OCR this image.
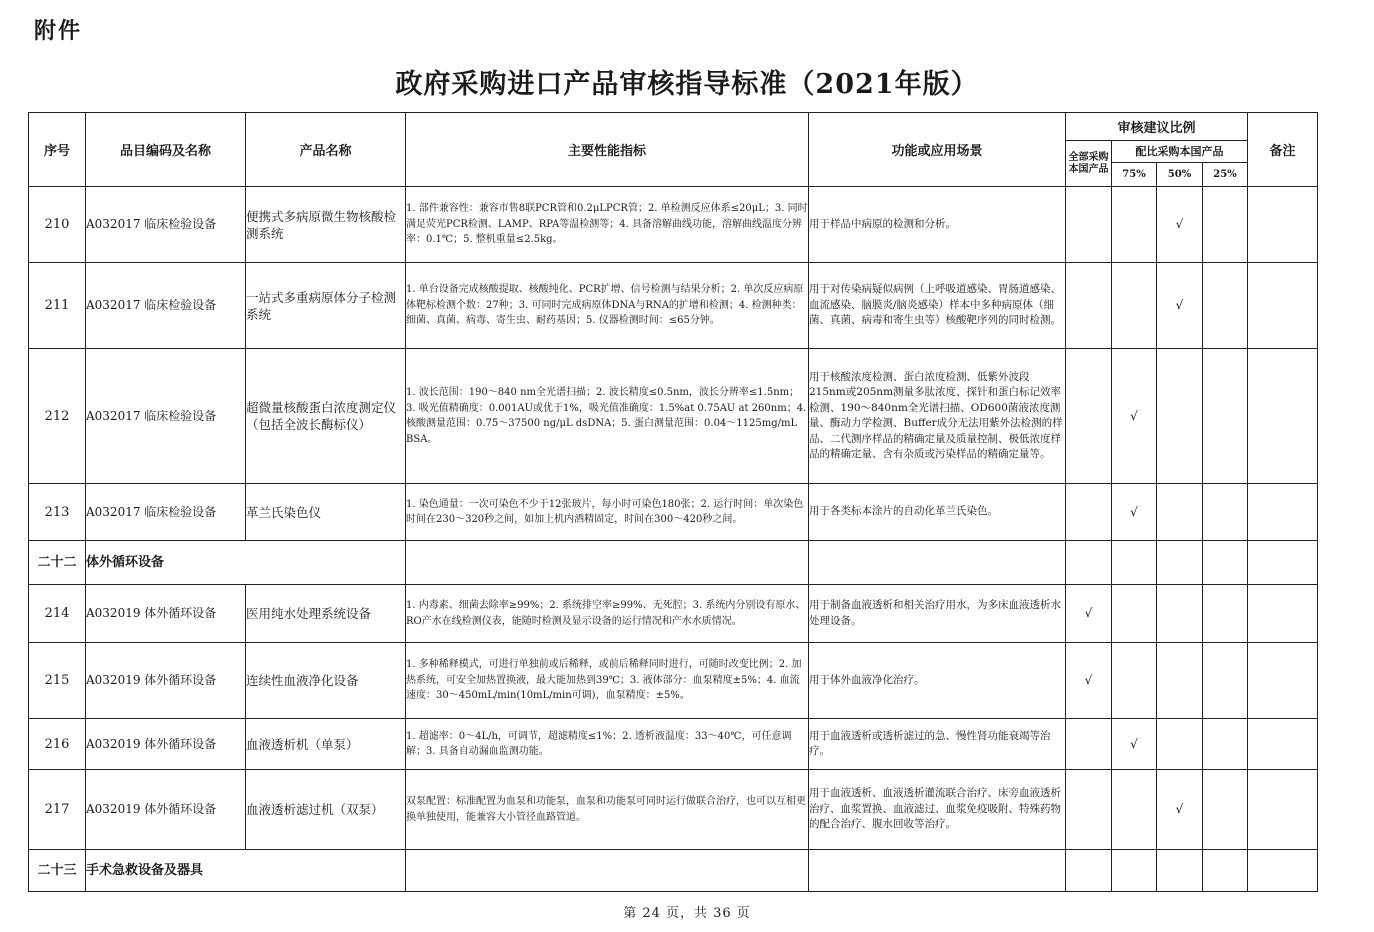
附件
政府采购进口产品审核指导标准（2021年版）
序号	品目编码及名称	产品名称	主要性能指标	功能或应用场景	审核建议比例				备注
					全部采购本国产品	配比采购本国产品			
						75%	50%	25%	
210	A032017 临床检验设备	便携式多病原微生物核酸检测系统	1. 部件兼容性：兼容市售8联PCR管和0.2μLPCR管；2. 单检测反应体系≤20μL；3. 同时满足荧光PCR检测、LAMP、RPA等温检测等；4. 具备溶解曲线功能，溶解曲线温度分辨率：0.1℃；5. 整机重量≤2.5kg。	用于样品中病原的检测和分析。			√		
211	A032017 临床检验设备	一站式多重病原体分子检测系统	1. 单台设备完成核酸提取、核酸纯化、PCR扩增、信号检测与结果分析；2. 单次反应病原体靶标检测个数：27种；3. 可同时完成病原体DNA与RNA的扩增和检测；4. 检测种类：细菌、真菌、病毒、寄生虫、耐药基因；5. 仪器检测时间：≤65分钟。	用于对传染病疑似病例（上呼吸道感染、胃肠道感染、血流感染、脑膜炎/脑炎感染）样本中多种病原体（细菌、真菌、病毒和寄生虫等）核酸靶序列的同时检测。			√		
212	A032017 临床检验设备	超微量核酸蛋白浓度测定仪（包括全波长酶标仪）	1. 波长范围：190～840 nm全光谱扫描；2. 波长精度≤0.5nm，波长分辨率≤1.5nm；3. 吸光值精确度：0.001AU或优于1%，吸光值准确度：1.5%at 0.75AU at 260nm；4. 核酸测量范围：0.75～37500 ng/μL dsDNA；5. 蛋白测量范围：0.04～1125mg/mL BSA。	用于核酸浓度检测、蛋白浓度检测、低紫外波段215nm或205nm测量多肽浓度、探针和蛋白标记效率检测、190～840nm全光谱扫描、OD600菌液浓度测量、酶动力学检测、Buffer成分无法用紫外法检测的样品、二代测序样品的精确定量及质量控制、极低浓度样品的精确定量、含有杂质或污染样品的精确定量等。		√			
213	A032017 临床检验设备	革兰氏染色仪	1. 染色通量：一次可染色不少于12张玻片，每小时可染色180张；2. 运行时间：单次染色时间在230～320秒之间，如加上机内酒精固定，时间在300～420秒之间。	用于各类标本涂片的自动化革兰氏染色。		√			
二十二	体外循环设备								
214	A032019 体外循环设备	医用纯水处理系统设备	1. 内毒素、细菌去除率≥99%；2. 系统排空率≥99%、无死腔；3. 系统内分别设有原水、RO产水在线检测仪表，能随时检测及显示设备的运行情况和产水水质情况。	用于制备血液透析和相关治疗用水，为多床血液透析水处理设备。	√				
215	A032019 体外循环设备	连续性血液净化设备	1. 多种稀释模式，可进行单独前或后稀释，或前后稀释同时进行，可随时改变比例；2. 加热系统，可安全加热置换液，最大能加热到39℃；3. 液体部分：血泵精度±5%；4. 血流速度：30～450mL/min(10mL/min可调)，血泵精度：±5%。	用于体外血液净化治疗。	√				
216	A032019 体外循环设备	血液透析机（单泵）	1. 超滤率：0～4L/h，可调节，超滤精度≤1%；2. 透析液温度：33～40℃，可任意调解；3. 具备自动漏血监测功能。	用于血液透析或透析滤过的急、慢性肾功能衰竭等治疗。		√			
217	A032019 体外循环设备	血液透析滤过机（双泵）	双泵配置：标准配置为血泵和功能泵，血泵和功能泵可同时运行做联合治疗，也可以互相更换单独使用，能兼容大小管径血路管道。	用于血液透析、血液透析灌流联合治疗、床旁血液透析治疗、血浆置换、血液滤过、血浆免疫吸附、特殊药物的配合治疗、腹水回收等治疗。			√		
二十三	手术急救设备及器具								
第 24 页，共 36 页
